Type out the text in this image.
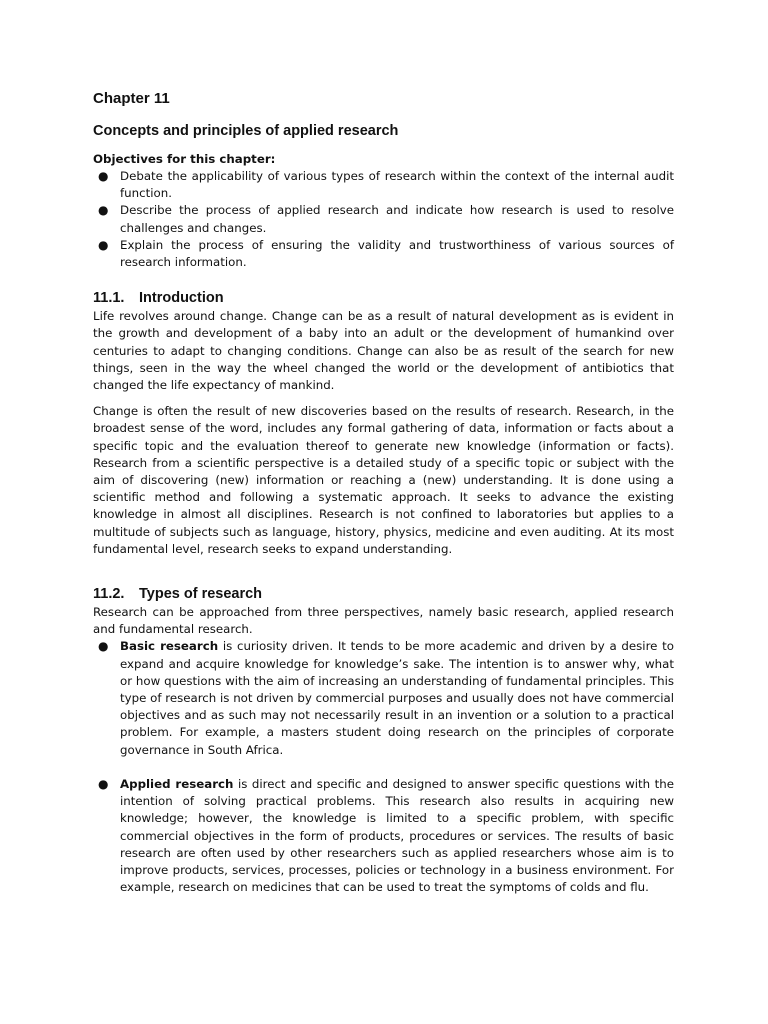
Chapter 11
Concepts and principles of applied research
Objectives for this chapter:
● Debate the applicability of various types of research within the context of the internal audit function.
● Describe the process of applied research and indicate how research is used to resolve challenges and changes.
● Explain the process of ensuring the validity and trustworthiness of various sources of research information.
11.1. Introduction

Life revolves around change. Change can be as a result of natural development as is evident in the growth and development of a baby into an adult or the development of humankind over centuries to adapt to changing conditions. Change can also be as result of the search for new things, seen in the way the wheel changed the world or the development of antibiotics that changed the life expectancy of mankind.

Change is often the result of new discoveries based on the results of research. Research, in the broadest sense of the word, includes any formal gathering of data, information or facts about a specific topic and the evaluation thereof to generate new knowledge (information or facts). Research from a scientific perspective is a detailed study of a specific topic or subject with the aim of discovering (new) information or reaching a (new) understanding. It is done using a scientific method and following a systematic approach. It seeks to advance the existing knowledge in almost all disciplines. Research is not confined to laboratories but applies to a multitude of subjects such as language, history, physics, medicine and even auditing. At its most fundamental level, research seeks to expand understanding.

11.2. Types of research

Research can be approached from three perspectives, namely basic research, applied research and fundamental research.

● Basic research is curiosity driven. It tends to be more academic and driven by a desire to expand and acquire knowledge for knowledge’s sake. The intention is to answer why, what or how questions with the aim of increasing an understanding of fundamental principles. This type of research is not driven by commercial purposes and usually does not have commercial objectives and as such may not necessarily result in an invention or a solution to a practical problem. For example, a masters student doing research on the principles of corporate governance in South Africa.
● Applied research is direct and specific and designed to answer specific questions with the intention of solving practical problems. This research also results in acquiring new knowledge; however, the knowledge is limited to a specific problem, with specific commercial objectives in the form of products, procedures or services. The results of basic research are often used by other researchers such as applied researchers whose aim is to improve products, services, processes, policies or technology in a business environment. For example, research on medicines that can be used to treat the symptoms of colds and flu.
